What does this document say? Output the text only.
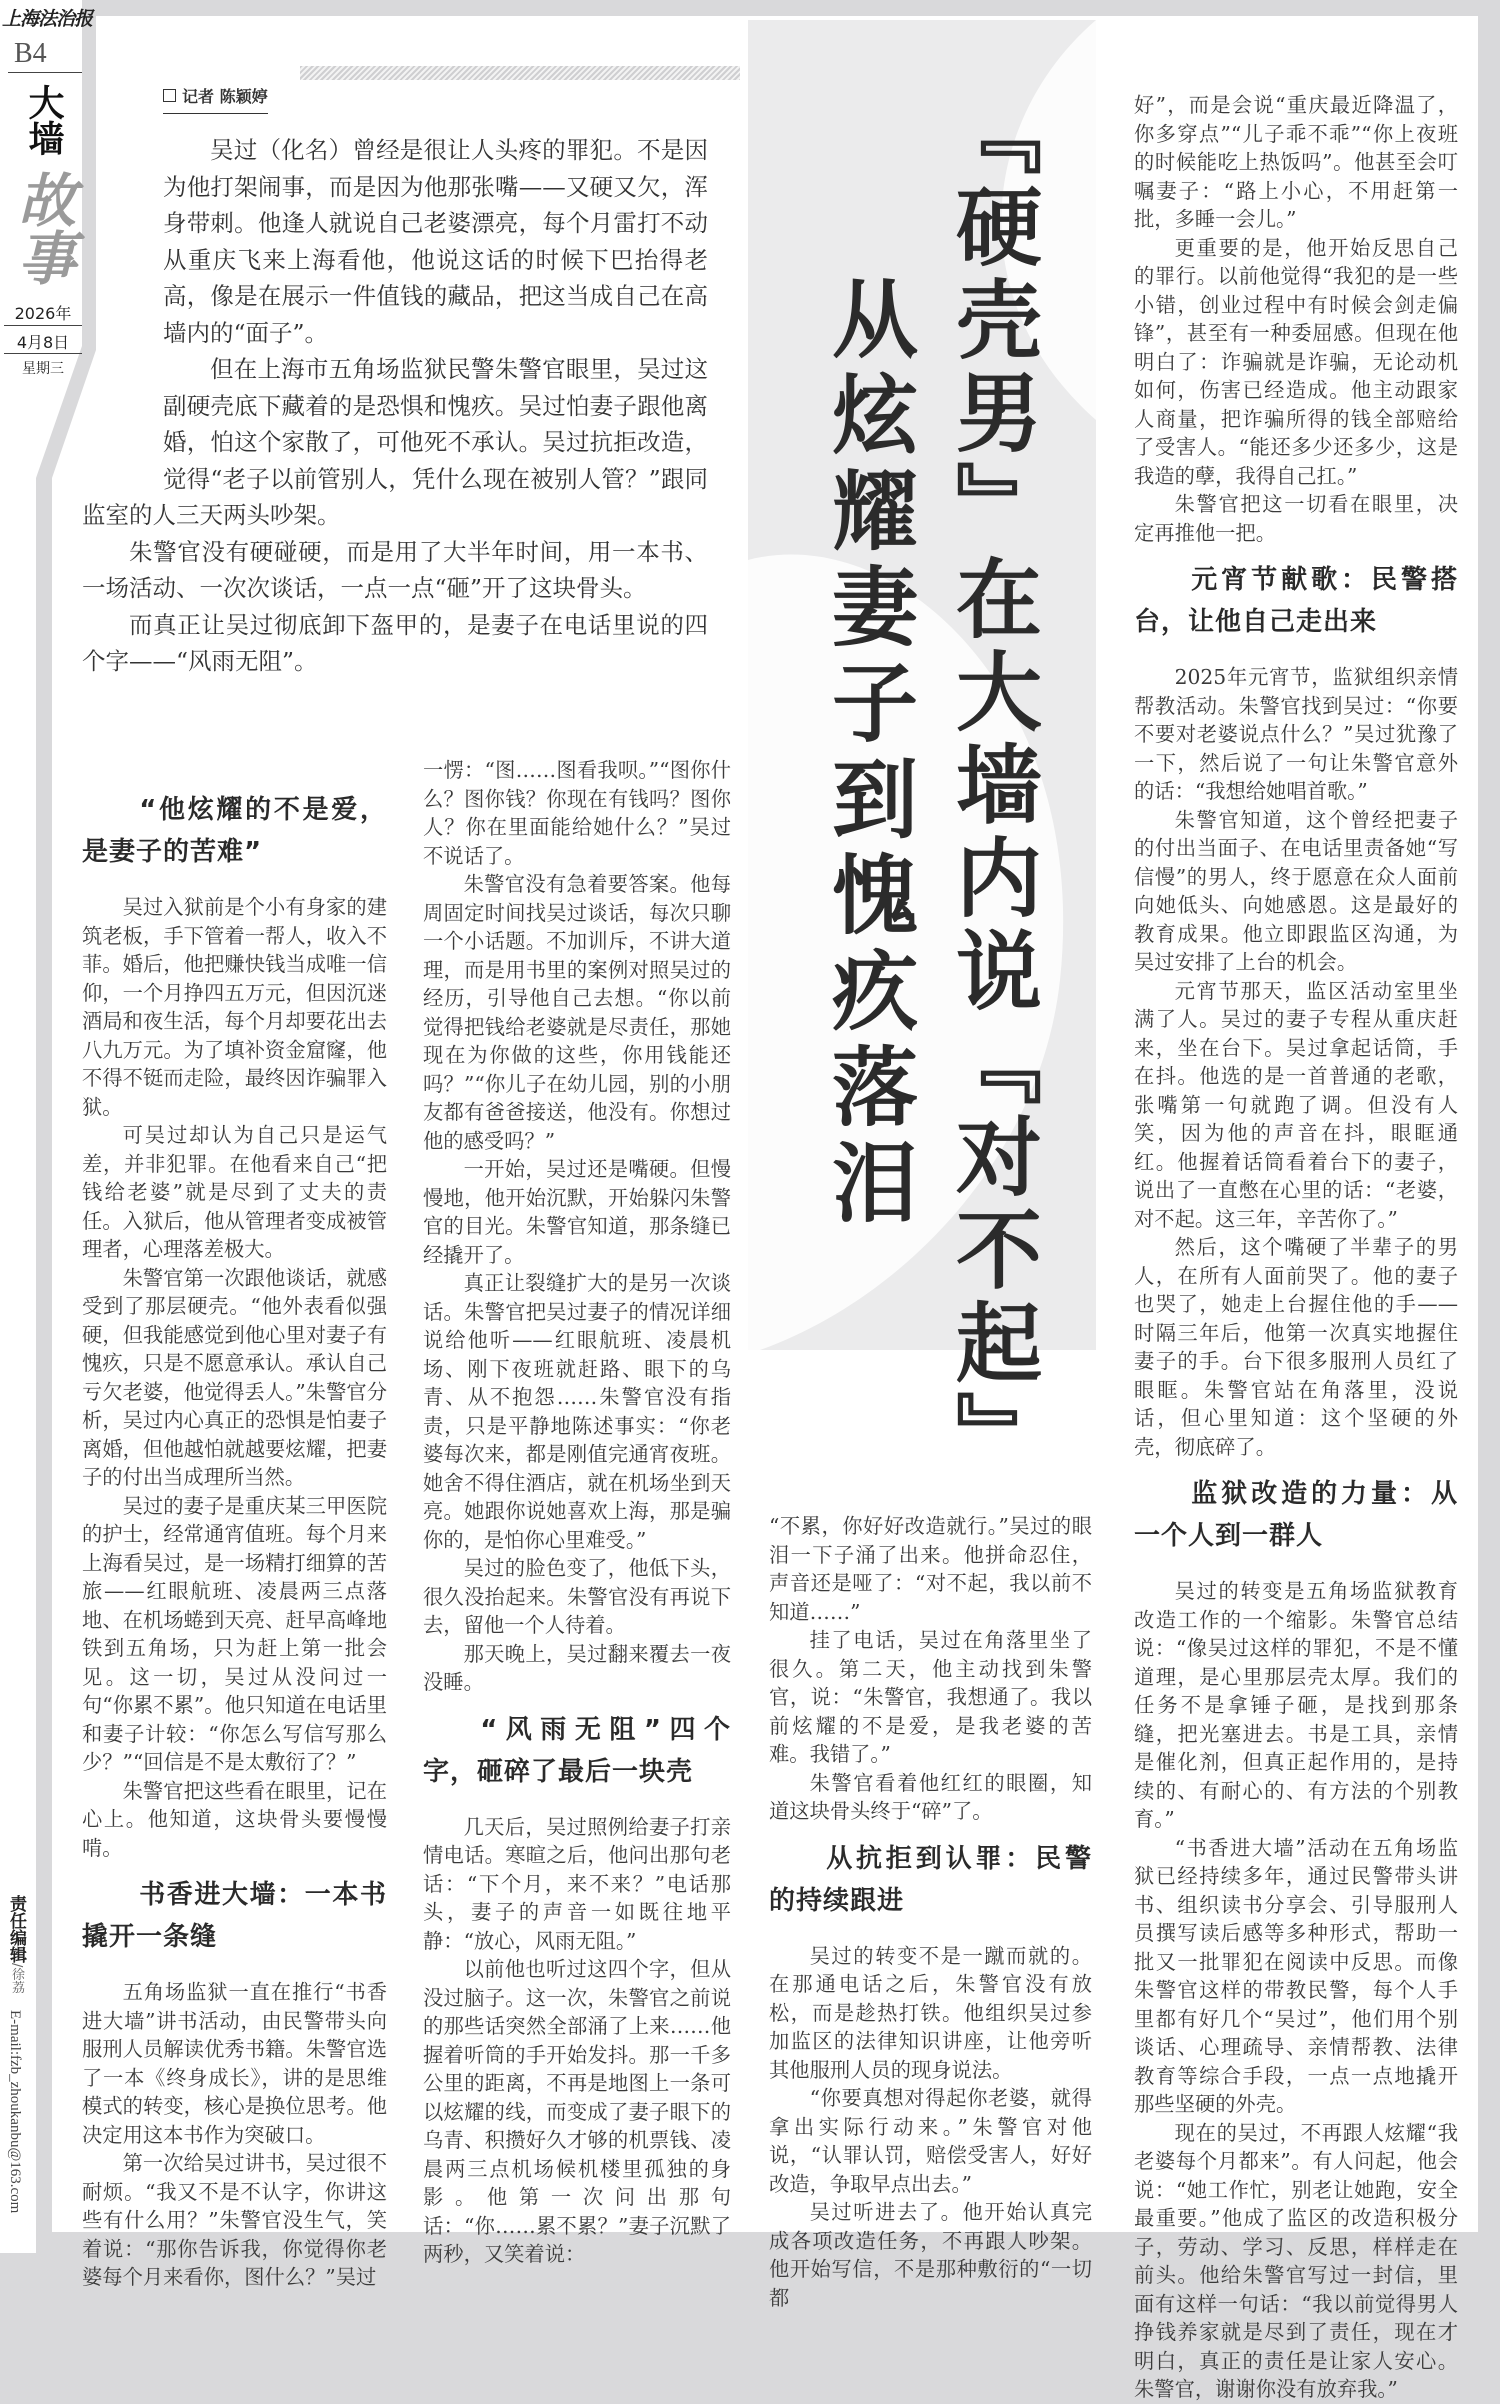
上海法治报
B4
大墙
故事
2026年
4月8日
星期三
责任编辑/徐荔
E-mail:fzb_zhoukanbu@163.com
记者 陈颖婷

吴过（化名）曾经是很让人头疼的罪犯。不是因为他打架闹事，而是因为他那张嘴——又硬又欠，浑身带刺。他逢人就说自己老婆漂亮，每个月雷打不动从重庆飞来上海看他，他说这话的时候下巴抬得老高，像是在展示一件值钱的藏品，把这当成自己在高墙内的“面子”。

但在上海市五角场监狱民警朱警官眼里，吴过这副硬壳底下藏着的是恐惧和愧疚。吴过怕妻子跟他离婚，怕这个家散了，可他死不承认。吴过抗拒改造，觉得“老子以前管别人，凭什么现在被别人管？”跟同监室的人三天两头吵架。

朱警官没有硬碰硬，而是用了大半年时间，用一本书、一场活动、一次次谈话，一点一点“砸”开了这块骨头。

而真正让吴过彻底卸下盔甲的，是妻子在电话里说的四个字——“风雨无阻”。	『硬壳男』在大墙内说『对不起』
从炫耀妻子到愧疚落泪
“他炫耀的不是爱，是妻子的苦难”

吴过入狱前是个小有身家的建筑老板，手下管着一帮人，收入不菲。婚后，他把赚快钱当成唯一信仰，一个月挣四五万元，但因沉迷酒局和夜生活，每个月却要花出去八九万元。为了填补资金窟窿，他不得不铤而走险，最终因诈骗罪入狱。

可吴过却认为自己只是运气差，并非犯罪。在他看来自己“把钱给老婆”就是尽到了丈夫的责任。入狱后，他从管理者变成被管理者，心理落差极大。

朱警官第一次跟他谈话，就感受到了那层硬壳。“他外表看似强硬，但我能感觉到他心里对妻子有愧疚，只是不愿意承认。承认自己亏欠老婆，他觉得丢人。”朱警官分析，吴过内心真正的恐惧是怕妻子离婚，但他越怕就越要炫耀，把妻子的付出当成理所当然。

吴过的妻子是重庆某三甲医院的护士，经常通宵值班。每个月来上海看吴过，是一场精打细算的苦旅——红眼航班、凌晨两三点落地、在机场蜷到天亮、赶早高峰地铁到五角场，只为赶上第一批会见。这一切，吴过从没问过一句“你累不累”。他只知道在电话里和妻子计较：“你怎么写信写那么少？”“回信是不是太敷衍了？”

朱警官把这些看在眼里，记在心上。他知道，这块骨头要慢慢啃。

书香进大墙：一本书撬开一条缝

五角场监狱一直在推行“书香进大墙”讲书活动，由民警带头向服刑人员解读优秀书籍。朱警官选了一本《终身成长》，讲的是思维模式的转变，核心是换位思考。他决定用这本书作为突破口。

第一次给吴过讲书，吴过很不耐烦。“我又不是不认字，你讲这些有什么用？”朱警官没生气，笑着说：“那你告诉我，你觉得你老婆每个月来看你，图什么？”吴过

一愣：“图……图看我呗。”“图你什么？图你钱？你现在有钱吗？图你人？你在里面能给她什么？”吴过不说话了。

朱警官没有急着要答案。他每周固定时间找吴过谈话，每次只聊一个小话题。不加训斥，不讲大道理，而是用书里的案例对照吴过的经历，引导他自己去想。“你以前觉得把钱给老婆就是尽责任，那她现在为你做的这些，你用钱能还吗？”“你儿子在幼儿园，别的小朋友都有爸爸接送，他没有。你想过他的感受吗？”

一开始，吴过还是嘴硬。但慢慢地，他开始沉默，开始躲闪朱警官的目光。朱警官知道，那条缝已经撬开了。

真正让裂缝扩大的是另一次谈话。朱警官把吴过妻子的情况详细说给他听——红眼航班、凌晨机场、刚下夜班就赶路、眼下的乌青、从不抱怨……朱警官没有指责，只是平静地陈述事实：“你老婆每次来，都是刚值完通宵夜班。她舍不得住酒店，就在机场坐到天亮。她跟你说她喜欢上海，那是骗你的，是怕你心里难受。”

吴过的脸色变了，他低下头，很久没抬起来。朱警官没有再说下去，留他一个人待着。

那天晚上，吴过翻来覆去一夜没睡。

“风雨无阻”四个字，砸碎了最后一块壳

几天后，吴过照例给妻子打亲情电话。寒暄之后，他问出那句老话：“下个月，来不来？”电话那头，妻子的声音一如既往地平静：“放心，风雨无阻。”

以前他也听过这四个字，但从没过脑子。这一次，朱警官之前说的那些话突然全部涌了上来……他握着听筒的手开始发抖。那一千多公里的距离，不再是地图上一条可以炫耀的线，而变成了妻子眼下的乌青、积攒好久才够的机票钱、凌晨两三点机场候机楼里孤独的身影。他第一次问出那句话：“你……累不累？”妻子沉默了两秒，又笑着说：

“不累，你好好改造就行。”吴过的眼泪一下子涌了出来。他拼命忍住，声音还是哑了：“对不起，我以前不知道……”

挂了电话，吴过在角落里坐了很久。第二天，他主动找到朱警官，说：“朱警官，我想通了。我以前炫耀的不是爱，是我老婆的苦难。我错了。”

朱警官看着他红红的眼圈，知道这块骨头终于“碎”了。

从抗拒到认罪：民警的持续跟进

吴过的转变不是一蹴而就的。在那通电话之后，朱警官没有放松，而是趁热打铁。他组织吴过参加监区的法律知识讲座，让他旁听其他服刑人员的现身说法。

“你要真想对得起你老婆，就得拿出实际行动来。”朱警官对他说，“认罪认罚，赔偿受害人，好好改造，争取早点出去。”

吴过听进去了。他开始认真完成各项改造任务，不再跟人吵架。他开始写信，不是那种敷衍的“一切都

好”，而是会说“重庆最近降温了，你多穿点”“儿子乖不乖”“你上夜班的时候能吃上热饭吗”。他甚至会叮嘱妻子：“路上小心，不用赶第一批，多睡一会儿。”

更重要的是，他开始反思自己的罪行。以前他觉得“我犯的是一些小错，创业过程中有时候会剑走偏锋”，甚至有一种委屈感。但现在他明白了：诈骗就是诈骗，无论动机如何，伤害已经造成。他主动跟家人商量，把诈骗所得的钱全部赔给了受害人。“能还多少还多少，这是我造的孽，我得自己扛。”

朱警官把这一切看在眼里，决定再推他一把。

元宵节献歌：民警搭台，让他自己走出来

2025年元宵节，监狱组织亲情帮教活动。朱警官找到吴过：“你要不要对老婆说点什么？”吴过犹豫了一下，然后说了一句让朱警官意外的话：“我想给她唱首歌。”

朱警官知道，这个曾经把妻子的付出当面子、在电话里责备她“写信慢”的男人，终于愿意在众人面前向她低头、向她感恩。这是最好的教育成果。他立即跟监区沟通，为吴过安排了上台的机会。

元宵节那天，监区活动室里坐满了人。吴过的妻子专程从重庆赶来，坐在台下。吴过拿起话筒，手在抖。他选的是一首普通的老歌，张嘴第一句就跑了调。但没有人笑，因为他的声音在抖，眼眶通红。他握着话筒看着台下的妻子，说出了一直憋在心里的话：“老婆，对不起。这三年，辛苦你了。”

然后，这个嘴硬了半辈子的男人，在所有人面前哭了。他的妻子也哭了，她走上台握住他的手——时隔三年后，他第一次真实地握住妻子的手。台下很多服刑人员红了眼眶。朱警官站在角落里，没说话，但心里知道：这个坚硬的外壳，彻底碎了。

监狱改造的力量：从一个人到一群人

吴过的转变是五角场监狱教育改造工作的一个缩影。朱警官总结说：“像吴过这样的罪犯，不是不懂道理，是心里那层壳太厚。我们的任务不是拿锤子砸，是找到那条缝，把光塞进去。书是工具，亲情是催化剂，但真正起作用的，是持续的、有耐心的、有方法的个别教育。”

“书香进大墙”活动在五角场监狱已经持续多年，通过民警带头讲书、组织读书分享会、引导服刑人员撰写读后感等多种形式，帮助一批又一批罪犯在阅读中反思。而像朱警官这样的带教民警，每个人手里都有好几个“吴过”，他们用个别谈话、心理疏导、亲情帮教、法律教育等综合手段，一点一点地撬开那些坚硬的外壳。

现在的吴过，不再跟人炫耀“我老婆每个月都来”。有人问起，他会说：“她工作忙，别老让她跑，安全最重要。”他成了监区的改造积极分子，劳动、学习、反思，样样走在前头。他给朱警官写过一封信，里面有这样一句话：“我以前觉得男人挣钱养家就是尽到了责任，现在才明白，真正的责任是让家人安心。朱警官，谢谢你没有放弃我。”
